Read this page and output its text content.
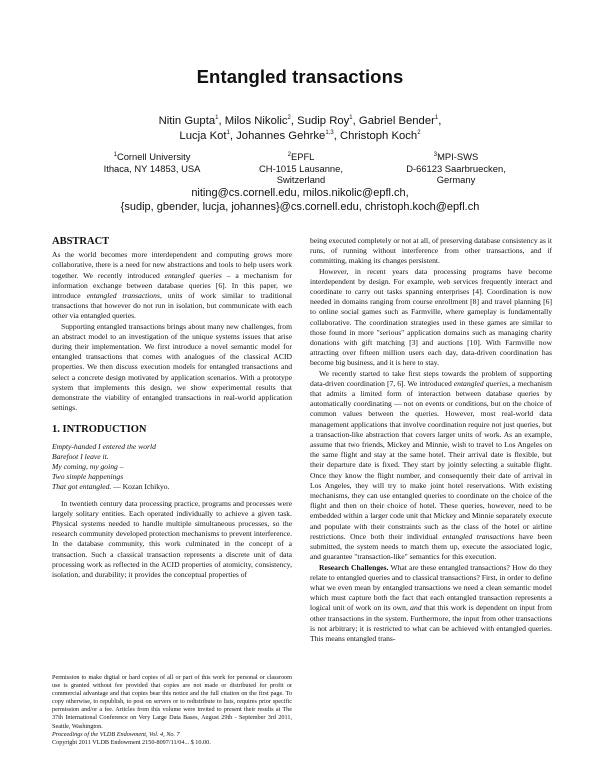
Entangled transactions
Nitin Gupta$^1$, Milos Nikolic$^2$, Sudip Roy$^1$, Gabriel Bender$^1$,
Lucja Kot$^1$, Johannes Gehrke$^{1,3}$, Christoph Koch$^2$
$^1$Cornell University
Ithaca, NY 14853, USA
$^2$EPFL
CH-1015 Lausanne,
Switzerland
$^3$MPI-SWS
D-66123 Saarbruecken,
Germany
niting@cs.cornell.edu, milos.nikolic@epfl.ch,
{sudip, gbender, lucja, johannes}@cs.cornell.edu, christoph.koch@epfl.ch
ABSTRACT

As the world becomes more interdependent and computing grows more collaborative, there is a need for new abstractions and tools to help users work together. We recently introduced entangled queries – a mechanism for information exchange between database queries [6]. In this paper, we introduce entangled transactions, units of work similar to traditional transactions that however do not run in isolation, but communicate with each other via entangled queries.

Supporting entangled transactions brings about many new challenges, from an abstract model to an investigation of the unique systems issues that arise during their implementation. We first introduce a novel semantic model for entangled transactions that comes with analogues of the classical ACID properties. We then discuss execution models for entangled transactions and select a concrete design motivated by application scenarios. With a prototype system that implements this design, we show experimental results that demonstrate the viability of entangled transactions in real-world application settings.

1. INTRODUCTION
Empty-handed I entered the world
Barefoot I leave it.
My coming, my going –
Two simple happenings
That got entangled. — Kozan Ichikyo.

In twentieth century data processing practice, programs and processes were largely solitary entities. Each operated individually to achieve a given task. Physical systems needed to handle multiple simultaneous processes, so the research community developed protection mechanisms to prevent interference. In the database community, this work culminated in the concept of a transaction. Such a classical transaction represents a discrete unit of data processing work as reflected in the ACID properties of atomicity, consistency, isolation, and durability; it provides the conceptual properties of

Permission to make digital or hard copies of all or part of this work for personal or classroom use is granted without fee provided that copies are not made or distributed for profit or commercial advantage and that copies bear this notice and the full citation on the first page. To copy otherwise, to republish, to post on servers or to redistribute to lists, requires prior specific permission and/or a fee. Articles from this volume were invited to present their results at The 37th International Conference on Very Large Data Bases, August 29th - September 3rd 2011, Seattle, Washington.
Proceedings of the VLDB Endowment, Vol. 4, No. 7
Copyright 2011 VLDB Endowment 2150-8097/11/04... $ 10.00.

being executed completely or not at all, of preserving database consistency as it runs, of running without interference from other transactions, and if committing, making its changes persistent.

However, in recent years data processing programs have become interdependent by design. For example, web services frequently interact and coordinate to carry out tasks spanning enterprises [4]. Coordination is now needed in domains ranging from course enrollment [8] and travel planning [6] to online social games such as Farmville, where gameplay is fundamentally collaborative. The coordination strategies used in these games are similar to those found in more "serious" application domains such as managing charity donations with gift matching [3] and auctions [10]. With Farmville now attracting over fifteen million users each day, data-driven coordination has become big business, and it is here to stay.

We recently started to take first steps towards the problem of supporting data-driven coordination [7, 6]. We introduced entangled queries, a mechanism that admits a limited form of interaction between database queries by automatically coordinating — not on events or conditions, but on the choice of common values between the queries. However, most real-world data management applications that involve coordination require not just queries, but a transaction-like abstraction that covers larger units of work. As an example, assume that two friends, Mickey and Minnie, wish to travel to Los Angeles on the same flight and stay at the same hotel. Their arrival date is flexible, but their departure date is fixed. They start by jointly selecting a suitable flight. Once they know the flight number, and consequently their date of arrival in Los Angeles, they will try to make joint hotel reservations. With existing mechanisms, they can use entangled queries to coordinate on the choice of the flight and then on their choice of hotel. These queries, however, need to be embedded within a larger code unit that Mickey and Minnie separately execute and populate with their constraints such as the class of the hotel or airline restrictions. Once both their individual entangled transactions have been submitted, the system needs to match them up, execute the associated logic, and guarantee "transaction-like" semantics for this execution.

Research Challenges. What are these entangled transactions? How do they relate to entangled queries and to classical transactions? First, in order to define what we even mean by entangled transactions we need a clean semantic model which must capture both the fact that each entangled transaction represents a logical unit of work on its own, and that this work is dependent on input from other transactions in the system. Furthermore, the input from other transactions is not arbitrary; it is restricted to what can be achieved with entangled queries. This means entangled trans-
